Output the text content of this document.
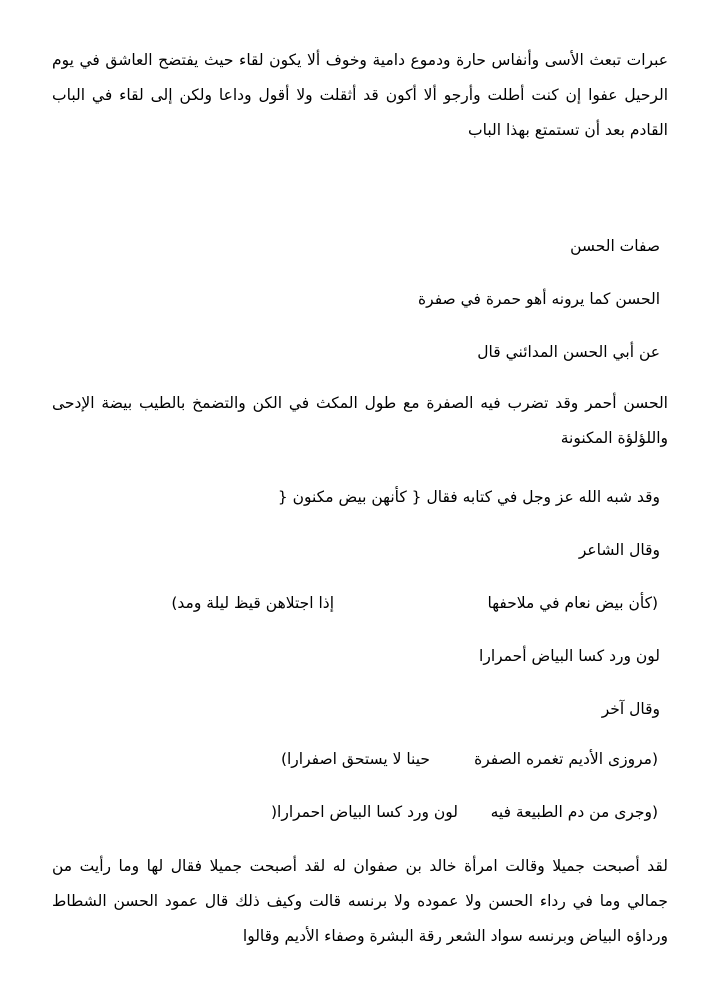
عبرات تبعث الأسى وأنفاس حارة ودموع دامية وخوف ألا يكون لقاء حيث يفتضح العاشق في يوم الرحيل عفوا إن كنت أطلت وأرجو ألا أكون قد أثقلت ولا أقول وداعا ولكن إلى لقاء في الباب القادم بعد أن تستمتع بهذا الباب

صفات الحسن

الحسن كما يرونه أهو حمرة في صفرة

عن أبي الحسن المدائني قال

الحسن أحمر وقد تضرب فيه الصفرة مع طول المكث في الكن والتضمخ بالطيب بيضة الإدحى واللؤلؤة المكنونة

وقد شبه الله عز وجل في كتابه فقال { كأنهن بيض مكنون {

وقال الشاعر

(كأن بيض نعام في ملاحفها
إذا اجتلاهن قيظ ليلة ومد)

لون ورد كسا البياض أحمرارا

وقال آخر

(مروزى الأديم تغمره الصفرة
حينا لا يستحق اصفرارا)
(وجرى من دم الطبيعة فيه
لون ورد كسا البياض احمرارا(

لقد أصبحت جميلا وقالت امرأة خالد بن صفوان له لقد أصبحت جميلا فقال لها وما رأيت من جمالي وما في رداء الحسن ولا عموده ولا برنسه قالت وكيف ذلك قال عمود الحسن الشطاط ورداؤه البياض وبرنسه سواد الشعر رقة البشرة وصفاء الأديم وقالوا
